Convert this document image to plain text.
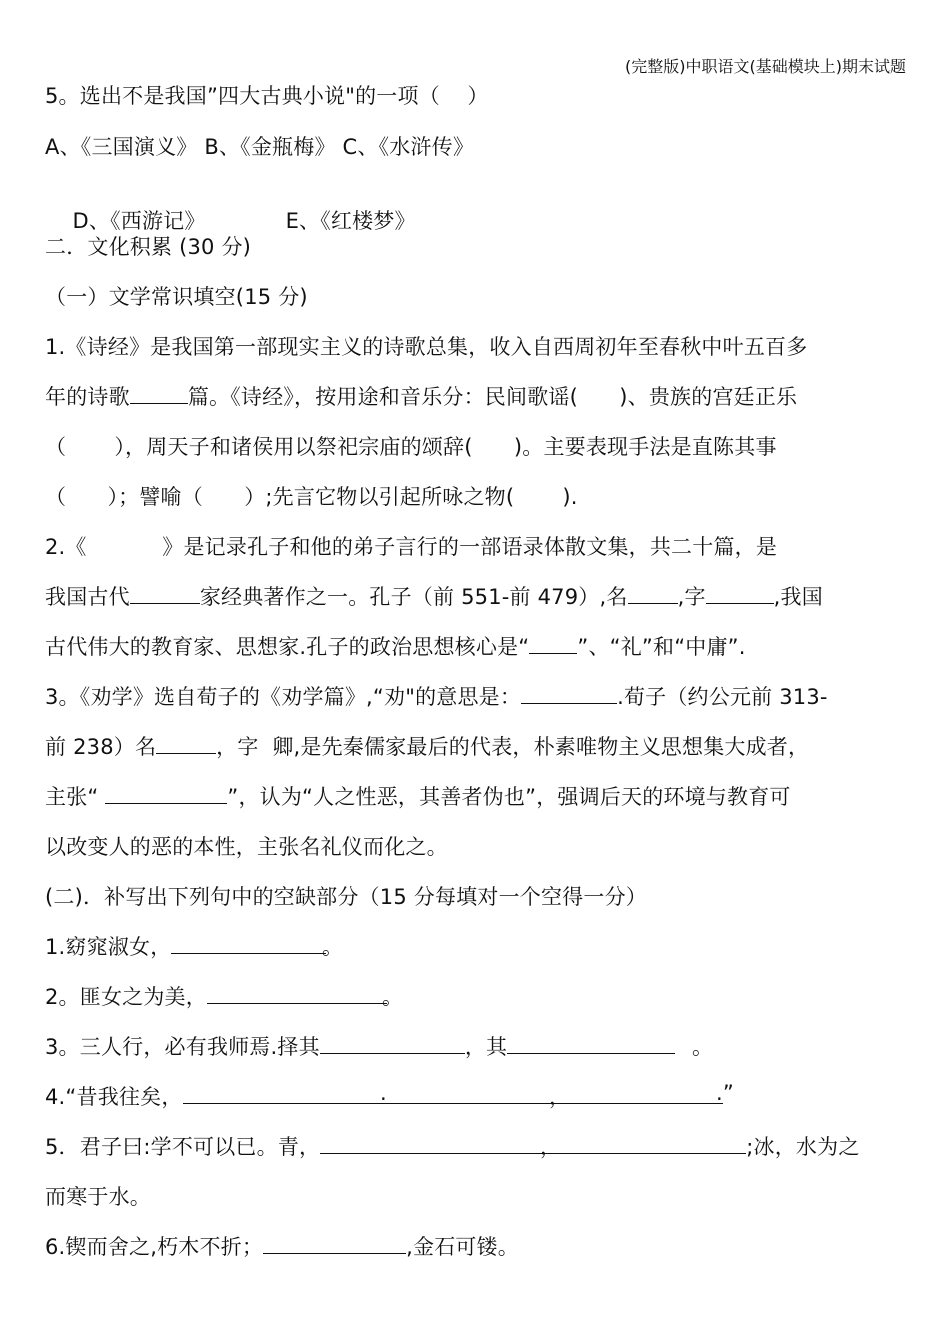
(完整版)中职语文(基础模块上)期末试题
5。选出不是我国”四大古典小说"的一项（    ）
A、《三国演义》 B、《金瓶梅》 C、《水浒传》

D、《西游记》	E、《红楼梦》

二．文化积累 (30 分)
（一）文学常识填空(15 分)
1.《诗经》是我国第一部现实主义的诗歌总集，收入自西周初年至春秋中叶五百多
年的诗歌	篇。《诗经》，按用途和音乐分：民间歌谣(      )、贵族的宫廷正乐
（       ），周天子和诸侯用以祭祀宗庙的颂辞(      )。主要表现手法是直陈其事
（      ）；譬喻（      ）;先言它物以引起所咏之物(       ).
2.《           》是记录孔子和他的弟子言行的一部语录体散文集，共二十篇，是
我国古代	家经典著作之一。孔子（前 551-前 479）,名 ,字	,我国
古代伟大的教育家、思想家.孔子的政治思想核心是“ ”、“礼”和“中庸”.
3。《劝学》选自荀子的《劝学篇》,“劝"的意思是：	.荀子（约公元前 313-
前 238）名	，字  卿,是先秦儒家最后的代表，朴素唯物主义思想集大成者，
主张“	”，认为“人之性恶，其善者伪也”，强调后天的环境与教育可
以改变人的恶的本性，主张名礼仪而化之。
(二)．补写出下列句中的空缺部分（15 分每填对一个空得一分）
1.窈窕淑女，	。
2。匪女之为美，	。
3。三人行，必有我师焉.择其	，其	。
4.“昔我往矣，	.	，	.”
5．君子曰:学不可以已。青，	;冰，水为之
，
而寒于水。
6.锲而舍之,朽木不折；	,金石可镂。
